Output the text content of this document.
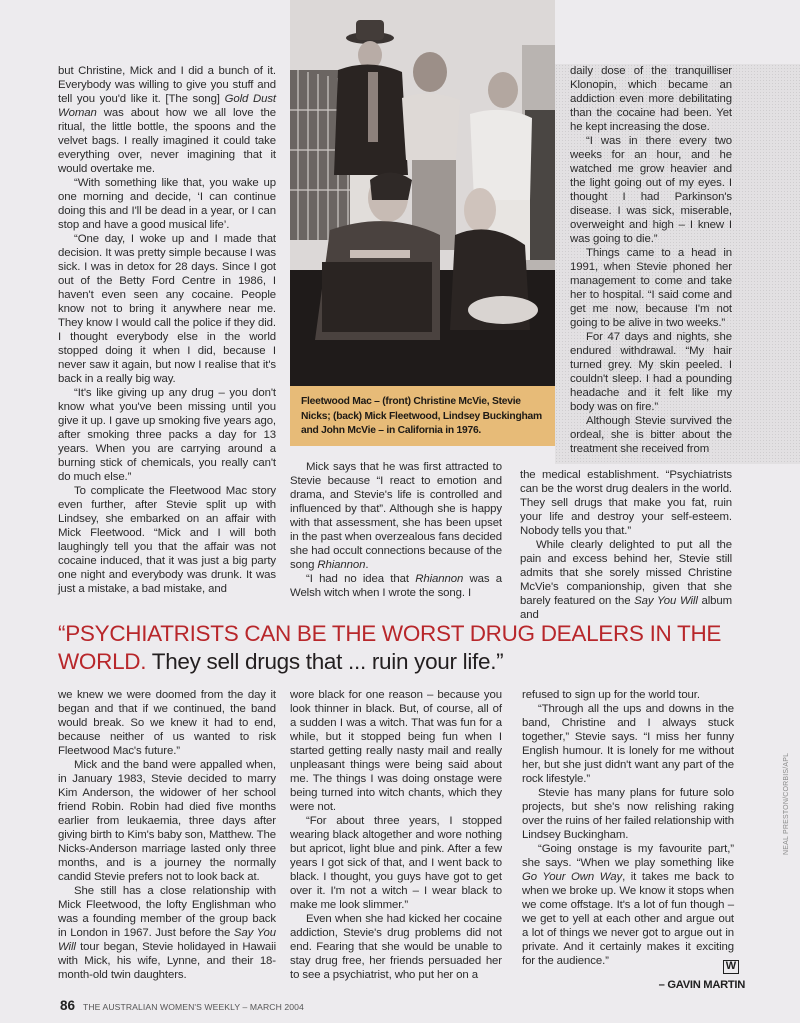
but Christine, Mick and I did a bunch of it. Everybody was willing to give you stuff and tell you you'd like it. [The song] Gold Dust Woman was about how we all love the ritual, the little bottle, the spoons and the velvet bags. I really imagined it could take everything over, never imagining that it would overtake me.

“With something like that, you wake up one morning and decide, ‘I can continue doing this and I'll be dead in a year, or I can stop and have a good musical life’.

“One day, I woke up and I made that decision. It was pretty simple because I was sick. I was in detox for 28 days. Since I got out of the Betty Ford Centre in 1986, I haven't even seen any cocaine. People know not to bring it anywhere near me. They know I would call the police if they did. I thought everybody else in the world stopped doing it when I did, because I never saw it again, but now I realise that it's back in a really big way.

“It's like giving up any drug – you don't know what you've been missing until you give it up. I gave up smoking five years ago, after smoking three packs a day for 13 years. When you are carrying around a burning stick of chemicals, you really can't do much else.”

To complicate the Fleetwood Mac story even further, after Stevie split up with Lindsey, she embarked on an affair with Mick Fleetwood. “Mick and I will both laughingly tell you that the affair was not cocaine induced, that it was just a big party one night and everybody was drunk. It was just a mistake, a bad mistake, and

Fleetwood Mac – (front) Christine McVie, Stevie Nicks; (back) Mick Fleetwood, Lindsey Buckingham and John McVie – in California in 1976.

Mick says that he was first attracted to Stevie because “I react to emotion and drama, and Stevie's life is controlled and influenced by that”. Although she is happy with that assessment, she has been upset in the past when overzealous fans decided she had occult connections because of the song Rhiannon.

“I had no idea that Rhiannon was a Welsh witch when I wrote the song. I

daily dose of the tranquilliser Klonopin, which became an addiction even more debilitating than the cocaine had been. Yet he kept increasing the dose.

“I was in there every two weeks for an hour, and he watched me grow heavier and the light going out of my eyes. I thought I had Parkinson's disease. I was sick, miserable, overweight and high – I knew I was going to die.”

Things came to a head in 1991, when Stevie phoned her management to come and take her to hospital. “I said come and get me now, because I'm not going to be alive in two weeks.”

For 47 days and nights, she endured withdrawal. “My hair turned grey. My skin peeled. I couldn't sleep. I had a pounding headache and it felt like my body was on fire.”

Although Stevie survived the ordeal, she is bitter about the treatment she received from

the medical establishment. “Psychiatrists can be the worst drug dealers in the world. They sell drugs that make you fat, ruin your life and destroy your self-esteem. Nobody tells you that.”

While clearly delighted to put all the pain and excess behind her, Stevie still admits that she sorely missed Christine McVie's companionship, given that she barely featured on the Say You Will album and

“PSYCHIATRISTS CAN BE THE WORST DRUG DEALERS IN THE WORLD. They sell drugs that ... ruin your life.”

we knew we were doomed from the day it began and that if we continued, the band would break. So we knew it had to end, because neither of us wanted to risk Fleetwood Mac's future.”

Mick and the band were appalled when, in January 1983, Stevie decided to marry Kim Anderson, the widower of her school friend Robin. Robin had died five months earlier from leukaemia, three days after giving birth to Kim's baby son, Matthew. The Nicks-Anderson marriage lasted only three months, and is a journey the normally candid Stevie prefers not to look back at.

She still has a close relationship with Mick Fleetwood, the lofty Englishman who was a founding member of the group back in London in 1967. Just before the Say You Will tour began, Stevie holidayed in Hawaii with Mick, his wife, Lynne, and their 18-month-old twin daughters.

wore black for one reason – because you look thinner in black. But, of course, all of a sudden I was a witch. That was fun for a while, but it stopped being fun when I started getting really nasty mail and really unpleasant things were being said about me. The things I was doing onstage were being turned into witch chants, which they were not.

“For about three years, I stopped wearing black altogether and wore nothing but apricot, light blue and pink. After a few years I got sick of that, and I went back to black. I thought, you guys have got to get over it. I'm not a witch – I wear black to make me look slimmer.”

Even when she had kicked her cocaine addiction, Stevie's drug problems did not end. Fearing that she would be unable to stay drug free, her friends persuaded her to see a psychiatrist, who put her on a

refused to sign up for the world tour.

“Through all the ups and downs in the band, Christine and I always stuck together,” Stevie says. “I miss her funny English humour. It is lonely for me without her, but she just didn't want any part of the rock lifestyle.”

Stevie has many plans for future solo projects, but she's now relishing raking over the ruins of her failed relationship with Lindsey Buckingham.

“Going onstage is my favourite part,” she says. “When we play something like Go Your Own Way, it takes me back to when we broke up. We know it stops when we come offstage. It's a lot of fun though – we get to yell at each other and argue out a lot of things we never got to argue out in private. And it certainly makes it exciting for the audience.”	W
– GAVIN MARTIN
NEAL PRESTON/CORBIS/APL
86 THE AUSTRALIAN WOMEN'S WEEKLY – MARCH 2004
